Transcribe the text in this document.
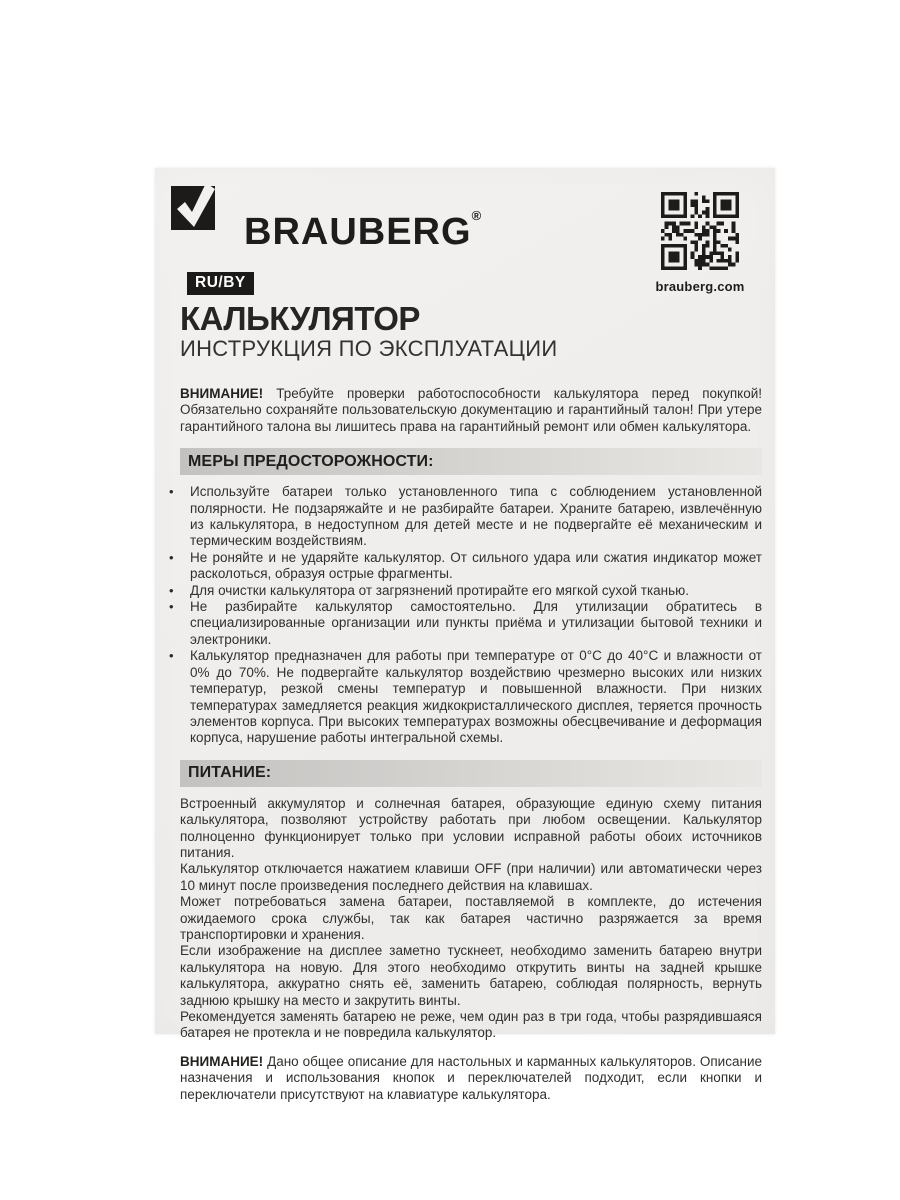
BRAUBERG®
brauberg.com
RU/BY
КАЛЬКУЛЯТОР
ИНСТРУКЦИЯ ПО ЭКСПЛУАТАЦИИ

ВНИМАНИЕ! Требуйте проверки работоспособности калькулятора перед покупкой! Обязательно сохраняйте пользовательскую документацию и гарантийный талон! При утере гарантийного талона вы лишитесь права на гарантийный ремонт или обмен калькулятора.

МЕРЫ ПРЕДОСТОРОЖНОСТИ:
• Используйте батареи только установленного типа с соблюдением установленной полярности. Не подзаряжайте и не разбирайте батареи. Храните батарею, извлечённую из калькулятора, в недоступном для детей месте и не подвергайте её механическим и термическим воздействиям.
• Не роняйте и не ударяйте калькулятор. От сильного удара или сжатия индикатор может расколоться, образуя острые фрагменты.
• Для очистки калькулятора от загрязнений протирайте его мягкой сухой тканью.
• Не разбирайте калькулятор самостоятельно. Для утилизации обратитесь в специализированные организации или пункты приёма и утилизации бытовой техники и электроники.
• Калькулятор предназначен для работы при температуре от 0°С до 40°С и влажности от 0% до 70%. Не подвергайте калькулятор воздействию чрезмерно высоких или низких температур, резкой смены температур и повышенной влажности. При низких температурах замедляется реакция жидкокристаллического дисплея, теряется прочность элементов корпуса. При высоких температурах возможны обесцвечивание и деформация корпуса, нарушение работы интегральной схемы.
ПИТАНИЕ:

Встроенный аккумулятор и солнечная батарея, образующие единую схему питания калькулятора, позволяют устройству работать при любом освещении. Калькулятор полноценно функционирует только при условии исправной работы обоих источников питания.

Калькулятор отключается нажатием клавиши OFF (при наличии) или автоматически через 10 минут после произведения последнего действия на клавишах.

Может потребоваться замена батареи, поставляемой в комплекте, до истечения ожидаемого срока службы, так как батарея частично разряжается за время транспортировки и хранения.

Если изображение на дисплее заметно тускнеет, необходимо заменить батарею внутри калькулятора на новую. Для этого необходимо открутить винты на задней крышке калькулятора, аккуратно снять её, заменить батарею, соблюдая полярность, вернуть заднюю крышку на место и закрутить винты.

Рекомендуется заменять батарею не реже, чем один раз в три года, чтобы разрядившаяся батарея не протекла и не повредила калькулятор.

ВНИМАНИЕ! Дано общее описание для настольных и карманных калькуляторов. Описание назначения и использования кнопок и переключателей подходит, если кнопки и переключатели присутствуют на клавиатуре калькулятора.
